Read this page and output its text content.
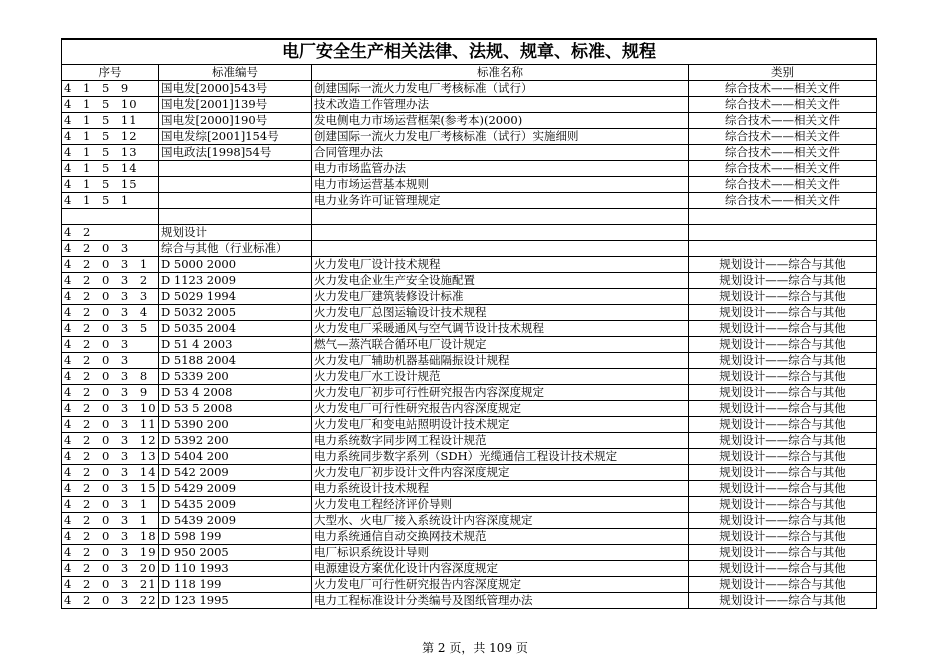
电厂安全生产相关法律、法规、规章、标准、规程			
序号	标准编号	标准名称	类别
4 1 5 9	国电发[2000]543号	创建国际一流火力发电厂考核标准（试行）	综合技术——相关文件
4 1 5 10	国电发[2001]139号	技术改造工作管理办法	综合技术——相关文件
4 1 5 11	国电发[2000]190号	发电侧电力市场运营框架(参考本)(2000)	综合技术——相关文件
4 1 5 12	国电发综[2001]154号	创建国际一流火力发电厂考核标准（试行）实施细则	综合技术——相关文件
4 1 5 13	国电政法[1998]54号	合同管理办法	综合技术——相关文件
4 1 5 14		电力市场监管办法	综合技术——相关文件
4 1 5 15		电力市场运营基本规则	综合技术——相关文件
4 1 5 1		电力业务许可证管理规定	综合技术——相关文件

4 2	规划设计		
4 2 0 3	综合与其他（行业标准）		
4 2 0 3 1	D 5000 2000	火力发电厂设计技术规程	规划设计——综合与其他
4 2 0 3 2	D 1123 2009	火力发电企业生产安全设施配置	规划设计——综合与其他
4 2 0 3 3	D 5029 1994	火力发电厂建筑装修设计标准	规划设计——综合与其他
4 2 0 3 4	D 5032 2005	火力发电厂总图运输设计技术规程	规划设计——综合与其他
4 2 0 3 5	D 5035 2004	火力发电厂采暖通风与空气调节设计技术规程	规划设计——综合与其他
4 2 0 3	D 51 4 2003	燃气—蒸汽联合循环电厂设计规定	规划设计——综合与其他
4 2 0 3	D 5188 2004	火力发电厂辅助机器基础隔振设计规程	规划设计——综合与其他
4 2 0 3 8	D 5339 200	火力发电厂水工设计规范	规划设计——综合与其他
4 2 0 3 9	D 53 4 2008	火力发电厂初步可行性研究报告内容深度规定	规划设计——综合与其他
4 2 0 3 10	D 53 5 2008	火力发电厂可行性研究报告内容深度规定	规划设计——综合与其他
4 2 0 3 11	D 5390 200	火力发电厂和变电站照明设计技术规定	规划设计——综合与其他
4 2 0 3 12	D 5392 200	电力系统数字同步网工程设计规范	规划设计——综合与其他
4 2 0 3 13	D 5404 200	电力系统同步数字系列（SDH）光缆通信工程设计技术规定	规划设计——综合与其他
4 2 0 3 14	D 542 2009	火力发电厂初步设计文件内容深度规定	规划设计——综合与其他
4 2 0 3 15	D 5429 2009	电力系统设计技术规程	规划设计——综合与其他
4 2 0 3 1	D 5435 2009	火力发电工程经济评价导则	规划设计——综合与其他
4 2 0 3 1	D 5439 2009	大型水、火电厂接入系统设计内容深度规定	规划设计——综合与其他
4 2 0 3 18	D 598 199	电力系统通信自动交换网技术规范	规划设计——综合与其他
4 2 0 3 19	D 950 2005	电厂标识系统设计导则	规划设计——综合与其他
4 2 0 3 20	D 110 1993	电源建设方案优化设计内容深度规定	规划设计——综合与其他
4 2 0 3 21	D 118 199	火力发电厂可行性研究报告内容深度规定	规划设计——综合与其他
4 2 0 3 22	D 123 1995	电力工程标准设计分类编号及图纸管理办法	规划设计——综合与其他
第 2 页，共 109 页
